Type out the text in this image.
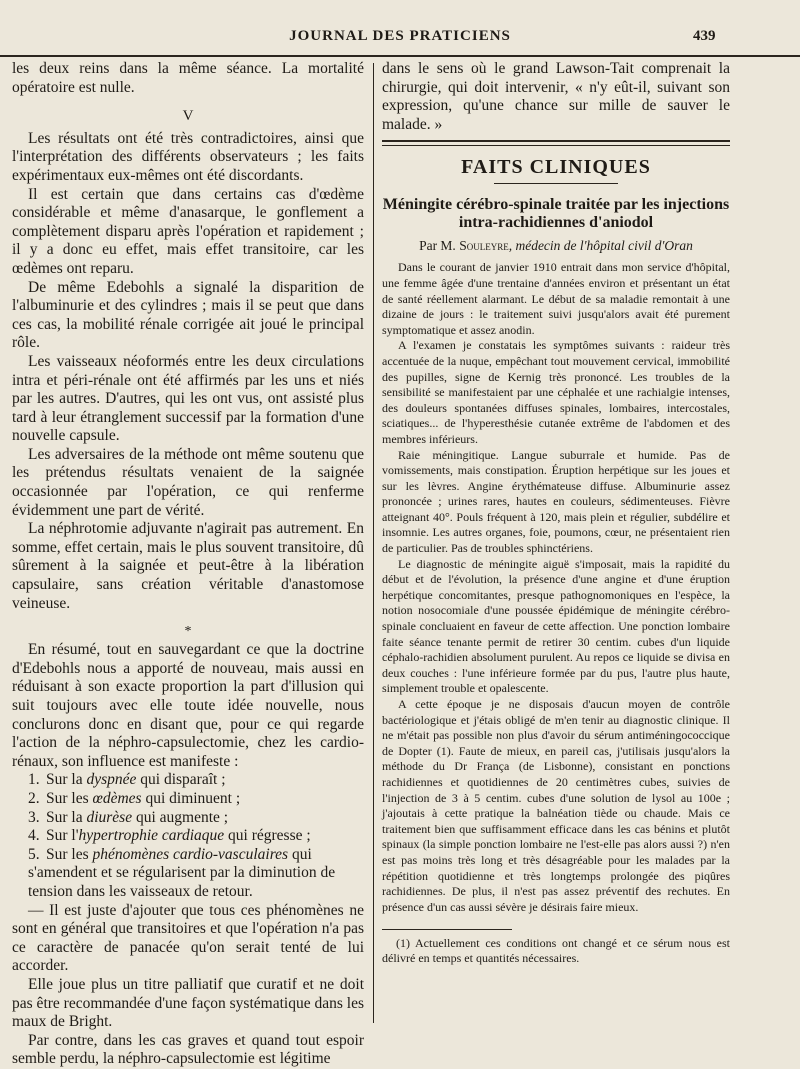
JOURNAL DES PRATICIENS	439

les deux reins dans la même séance. La mortalité opératoire est nulle.

V

Les résultats ont été très contradictoires, ainsi que l'interprétation des différents observateurs ; les faits expérimentaux eux-mêmes ont été discordants.

Il est certain que dans certains cas d'œdème considérable et même d'anasarque, le gonflement a complètement disparu après l'opération et rapidement ; il y a donc eu effet, mais effet transitoire, car les œdèmes ont reparu.

De même Edebohls a signalé la disparition de l'albuminurie et des cylindres ; mais il se peut que dans ces cas, la mobilité rénale corrigée ait joué le principal rôle.

Les vaisseaux néoformés entre les deux circulations intra et péri-rénale ont été affirmés par les uns et niés par les autres. D'autres, qui les ont vus, ont assisté plus tard à leur étranglement successif par la formation d'une nouvelle capsule.

Les adversaires de la méthode ont même soutenu que les prétendus résultats venaient de la saignée occasionnée par l'opération, ce qui renferme évidemment une part de vérité.

La néphrotomie adjuvante n'agirait pas autrement. En somme, effet certain, mais le plus souvent transitoire, dû sûrement à la saignée et peut-être à la libération capsulaire, sans création véritable d'anastomose veineuse.

*

En résumé, tout en sauvegardant ce que la doctrine d'Edebohls nous a apporté de nouveau, mais aussi en réduisant à son exacte proportion la part d'illusion qui suit toujours avec elle toute idée nouvelle, nous conclurons donc en disant que, pour ce qui regarde l'action de la néphro-capsulectomie, chez les cardio-rénaux, son influence est manifeste :

1. Sur la dyspnée qui disparaît ;
2. Sur les œdèmes qui diminuent ;
3. Sur la diurèse qui augmente ;
4. Sur l'hypertrophie cardiaque qui régresse ;
5. Sur les phénomènes cardio-vasculaires qui s'amendent et se régularisent par la diminution de tension dans les vaisseaux de retour.

— Il est juste d'ajouter que tous ces phénomènes ne sont en général que transitoires et que l'opération n'a pas ce caractère de panacée qu'on serait tenté de lui accorder.

Elle joue plus un titre palliatif que curatif et ne doit pas être recommandée d'une façon systématique dans les maux de Bright.

Par contre, dans les cas graves et quand tout espoir semble perdu, la néphro-capsulectomie est légitime

dans le sens où le grand Lawson-Tait comprenait la chirurgie, qui doit intervenir, « n'y eût-il, suivant son expression, qu'une chance sur mille de sauver le malade. »

FAITS CLINIQUES
Méningite cérébro-spinale traitée par les injections intra-rachidiennes d'aniodol
Par M. Souleyre, médecin de l'hôpital civil d'Oran

Dans le courant de janvier 1910 entrait dans mon service d'hôpital, une femme âgée d'une trentaine d'années environ et présentant un état de santé réellement alarmant. Le début de sa maladie remontait à une dizaine de jours : le traitement suivi jusqu'alors avait été purement symptomatique et assez anodin.

A l'examen je constatais les symptômes suivants : raideur très accentuée de la nuque, empêchant tout mouvement cervical, immobilité des pupilles, signe de Kernig très prononcé. Les troubles de la sensibilité se manifestaient par une céphalée et une rachialgie intenses, des douleurs spontanées diffuses spinales, lombaires, intercostales, sciatiques... de l'hyperesthésie cutanée extrême de l'abdomen et des membres inférieurs.

Raie méningitique. Langue suburrale et humide. Pas de vomissements, mais constipation. Éruption herpétique sur les joues et sur les lèvres. Angine érythémateuse diffuse. Albuminurie assez prononcée ; urines rares, hautes en couleurs, sédimenteuses. Fièvre atteignant 40°. Pouls fréquent à 120, mais plein et régulier, subdélire et insomnie. Les autres organes, foie, poumons, cœur, ne présentaient rien de particulier. Pas de troubles sphinctériens.

Le diagnostic de méningite aiguë s'imposait, mais la rapidité du début et de l'évolution, la présence d'une angine et d'une éruption herpétique concomitantes, presque pathognomoniques en l'espèce, la notion nosocomiale d'une poussée épidémique de méningite cérébro-spinale concluaient en faveur de cette affection. Une ponction lombaire faite séance tenante permit de retirer 30 centim. cubes d'un liquide céphalo-rachidien absolument purulent. Au repos ce liquide se divisa en deux couches : l'une inférieure formée par du pus, l'autre plus haute, simplement trouble et opalescente.

A cette époque je ne disposais d'aucun moyen de contrôle bactériologique et j'étais obligé de m'en tenir au diagnostic clinique. Il ne m'était pas possible non plus d'avoir du sérum antiméningococcique de Dopter (1). Faute de mieux, en pareil cas, j'utilisais jusqu'alors la méthode du Dr França (de Lisbonne), consistant en ponctions rachidiennes et quotidiennes de 20 centimètres cubes, suivies de l'injection de 3 à 5 centim. cubes d'une solution de lysol au 100e ; j'ajoutais à cette pratique la balnéation tiède ou chaude. Mais ce traitement bien que suffisamment efficace dans les cas bénins et plutôt spinaux (la simple ponction lombaire ne l'est-elle pas alors aussi ?) n'en est pas moins très long et très désagréable pour les malades par la répétition quotidienne et très longtemps prolongée des piqûres rachidiennes. De plus, il n'est pas assez préventif des rechutes. En présence d'un cas aussi sévère je désirais faire mieux.

(1) Actuellement ces conditions ont changé et ce sérum nous est délivré en temps et quantités nécessaires.
